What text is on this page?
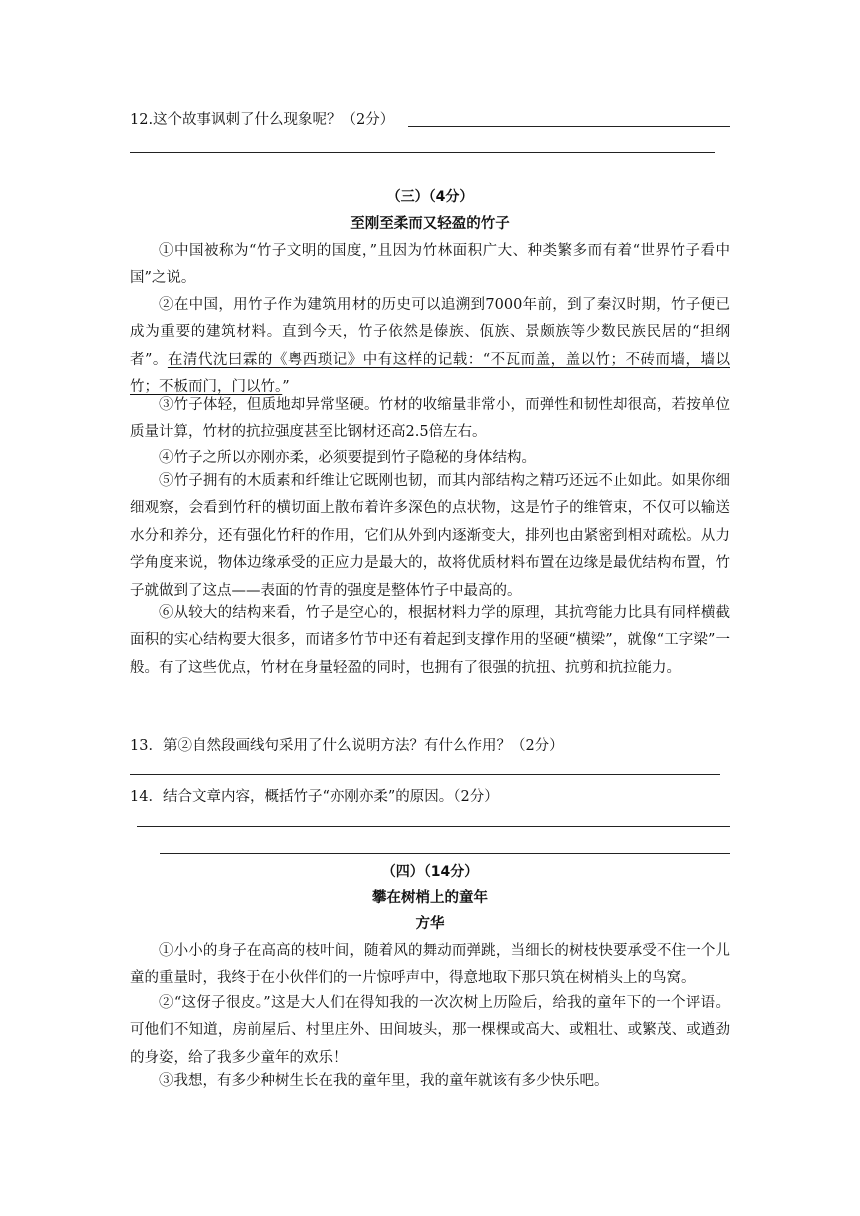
12.这个故事讽刺了什么现象呢？（2分）
（三）（4分）
至刚至柔而又轻盈的竹子

①中国被称为“竹子文明的国度，”且因为竹林面积广大、种类繁多而有着“世界竹子看中国”之说。

②在中国，用竹子作为建筑用材的历史可以追溯到7000年前，到了秦汉时期，竹子便已成为重要的建筑材料。直到今天，竹子依然是傣族、佤族、景颇族等少数民族民居的“担纲者”。在清代沈曰霖的《粤西琐记》中有这样的记载：“不瓦而盖，盖以竹；不砖而墙，墙以竹；不板而门，门以竹。”

③竹子体轻，但质地却异常坚硬。竹材的收缩量非常小，而弹性和韧性却很高，若按单位质量计算，竹材的抗拉强度甚至比钢材还高2.5倍左右。

④竹子之所以亦刚亦柔，必须要提到竹子隐秘的身体结构。

⑤竹子拥有的木质素和纤维让它既刚也韧，而其内部结构之精巧还远不止如此。如果你细细观察，会看到竹秆的横切面上散布着许多深色的点状物，这是竹子的维管束，不仅可以输送水分和养分，还有强化竹秆的作用，它们从外到内逐渐变大，排列也由紧密到相对疏松。从力学角度来说，物体边缘承受的正应力是最大的，故将优质材料布置在边缘是最优结构布置，竹子就做到了这点——表面的竹青的强度是整体竹子中最高的。

⑥从较大的结构来看，竹子是空心的，根据材料力学的原理，其抗弯能力比具有同样横截面积的实心结构要大很多，而诸多竹节中还有着起到支撑作用的坚硬“横梁”，就像“工字梁”一般。有了这些优点，竹材在身量轻盈的同时，也拥有了很强的抗扭、抗剪和抗拉能力。

13．第②自然段画线句采用了什么说明方法？有什么作用？（2分）
14．结合文章内容，概括竹子“亦刚亦柔”的原因。（2分）
（四）（14分）
攀在树梢上的童年
方华

①小小的身子在高高的枝叶间，随着风的舞动而弹跳，当细长的树枝快要承受不住一个儿童的重量时，我终于在小伙伴们的一片惊呼声中，得意地取下那只筑在树梢头上的鸟窝。

②“这伢子很皮。”这是大人们在得知我的一次次树上历险后，给我的童年下的一个评语。可他们不知道，房前屋后、村里庄外、田间坡头，那一棵棵或高大、或粗壮、或繁茂、或遒劲的身姿，给了我多少童年的欢乐！

③我想，有多少种树生长在我的童年里，我的童年就该有多少快乐吧。
